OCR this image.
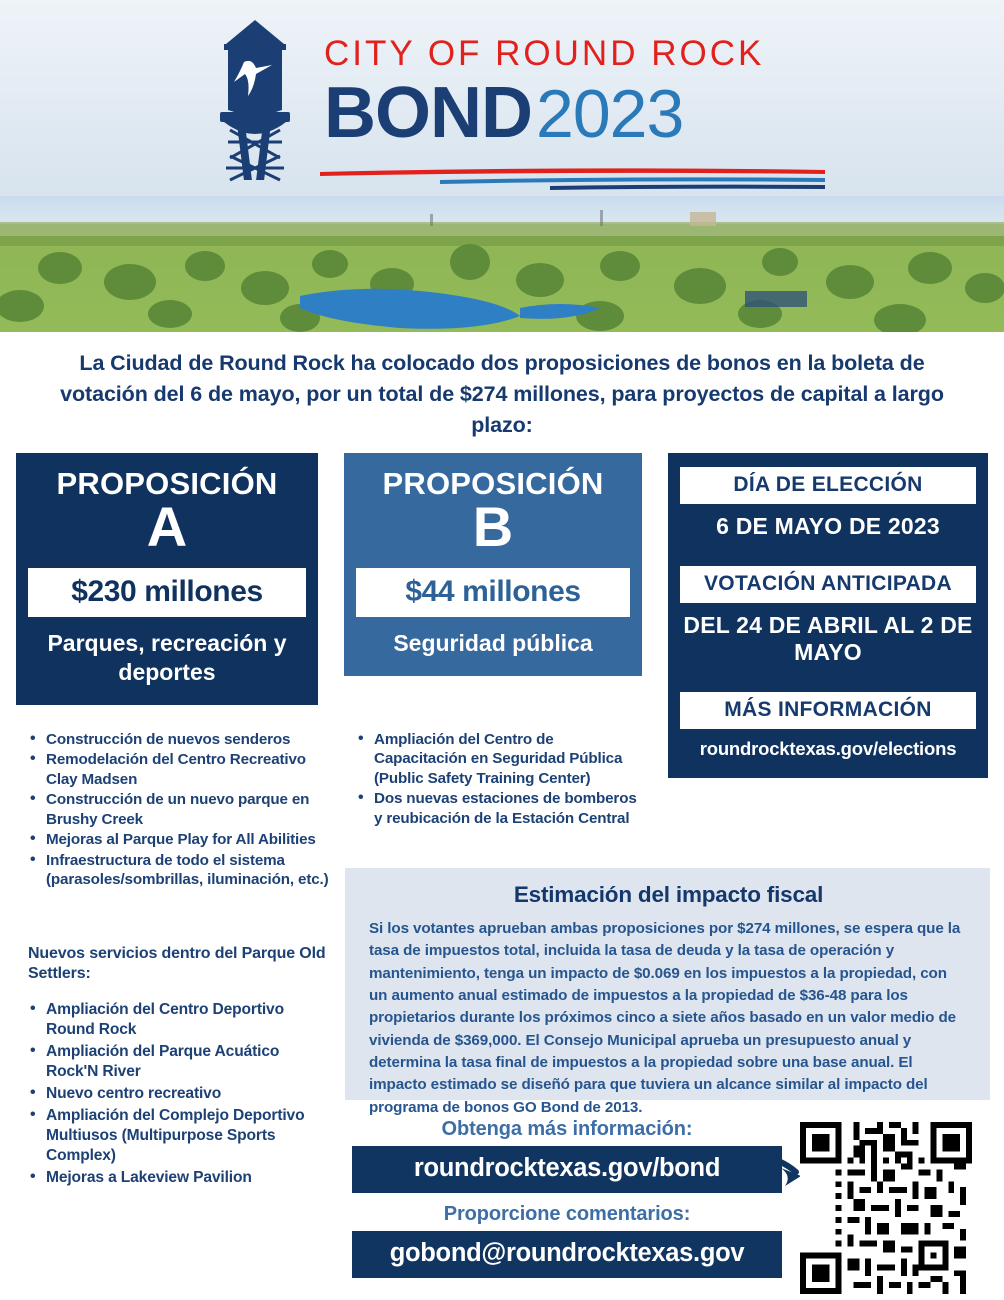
CITY OF ROUND ROCK
BOND 2023
La Ciudad de Round Rock ha colocado dos proposiciones de bonos en la boleta de votación del 6 de mayo, por un total de $274 millones, para proyectos de capital a largo plazo:
PROPOSICIÓN
A
$230 millones
Parques, recreación y deportes
PROPOSICIÓN
B
$44 millones
Seguridad pública
DÍA DE ELECCIÓN
6 DE MAYO DE 2023
VOTACIÓN ANTICIPADA
DEL 24 DE ABRIL AL 2 DE MAYO
MÁS INFORMACIÓN
roundrocktexas.gov/elections
• Construcción de nuevos senderos
• Remodelación del Centro Recreativo Clay Madsen
• Construcción de un nuevo parque en Brushy Creek
• Mejoras al Parque Play for All Abilities
• Infraestructura de todo el sistema (parasoles/sombrillas, iluminación, etc.)
Nuevos servicios dentro del Parque Old Settlers:
• Ampliación del Centro Deportivo Round Rock
• Ampliación del Parque Acuático Rock'N River
• Nuevo centro recreativo
• Ampliación del Complejo Deportivo Multiusos (Multipurpose Sports Complex)
• Mejoras a Lakeview Pavilion
• Ampliación del Centro de Capacitación en Seguridad Pública (Public Safety Training Center)
• Dos nuevas estaciones de bomberos y reubicación de la Estación Central
Estimación del impacto fiscal
Si los votantes aprueban ambas proposiciones por $274 millones, se espera que la tasa de impuestos total, incluida la tasa de deuda y la tasa de operación y mantenimiento, tenga un impacto de $0.069 en los impuestos a la propiedad, con un aumento anual estimado de impuestos a la propiedad de $36-48 para los propietarios durante los próximos cinco a siete años basado en un valor medio de vivienda de $369,000. El Consejo Municipal aprueba un presupuesto anual y determina la tasa final de impuestos a la propiedad sobre una base anual. El impacto estimado se diseñó para que tuviera un alcance similar al impacto del programa de bonos GO Bond de 2013.
Obtenga más información:
roundrocktexas.gov/bond
Proporcione comentarios:
gobond@roundrocktexas.gov
